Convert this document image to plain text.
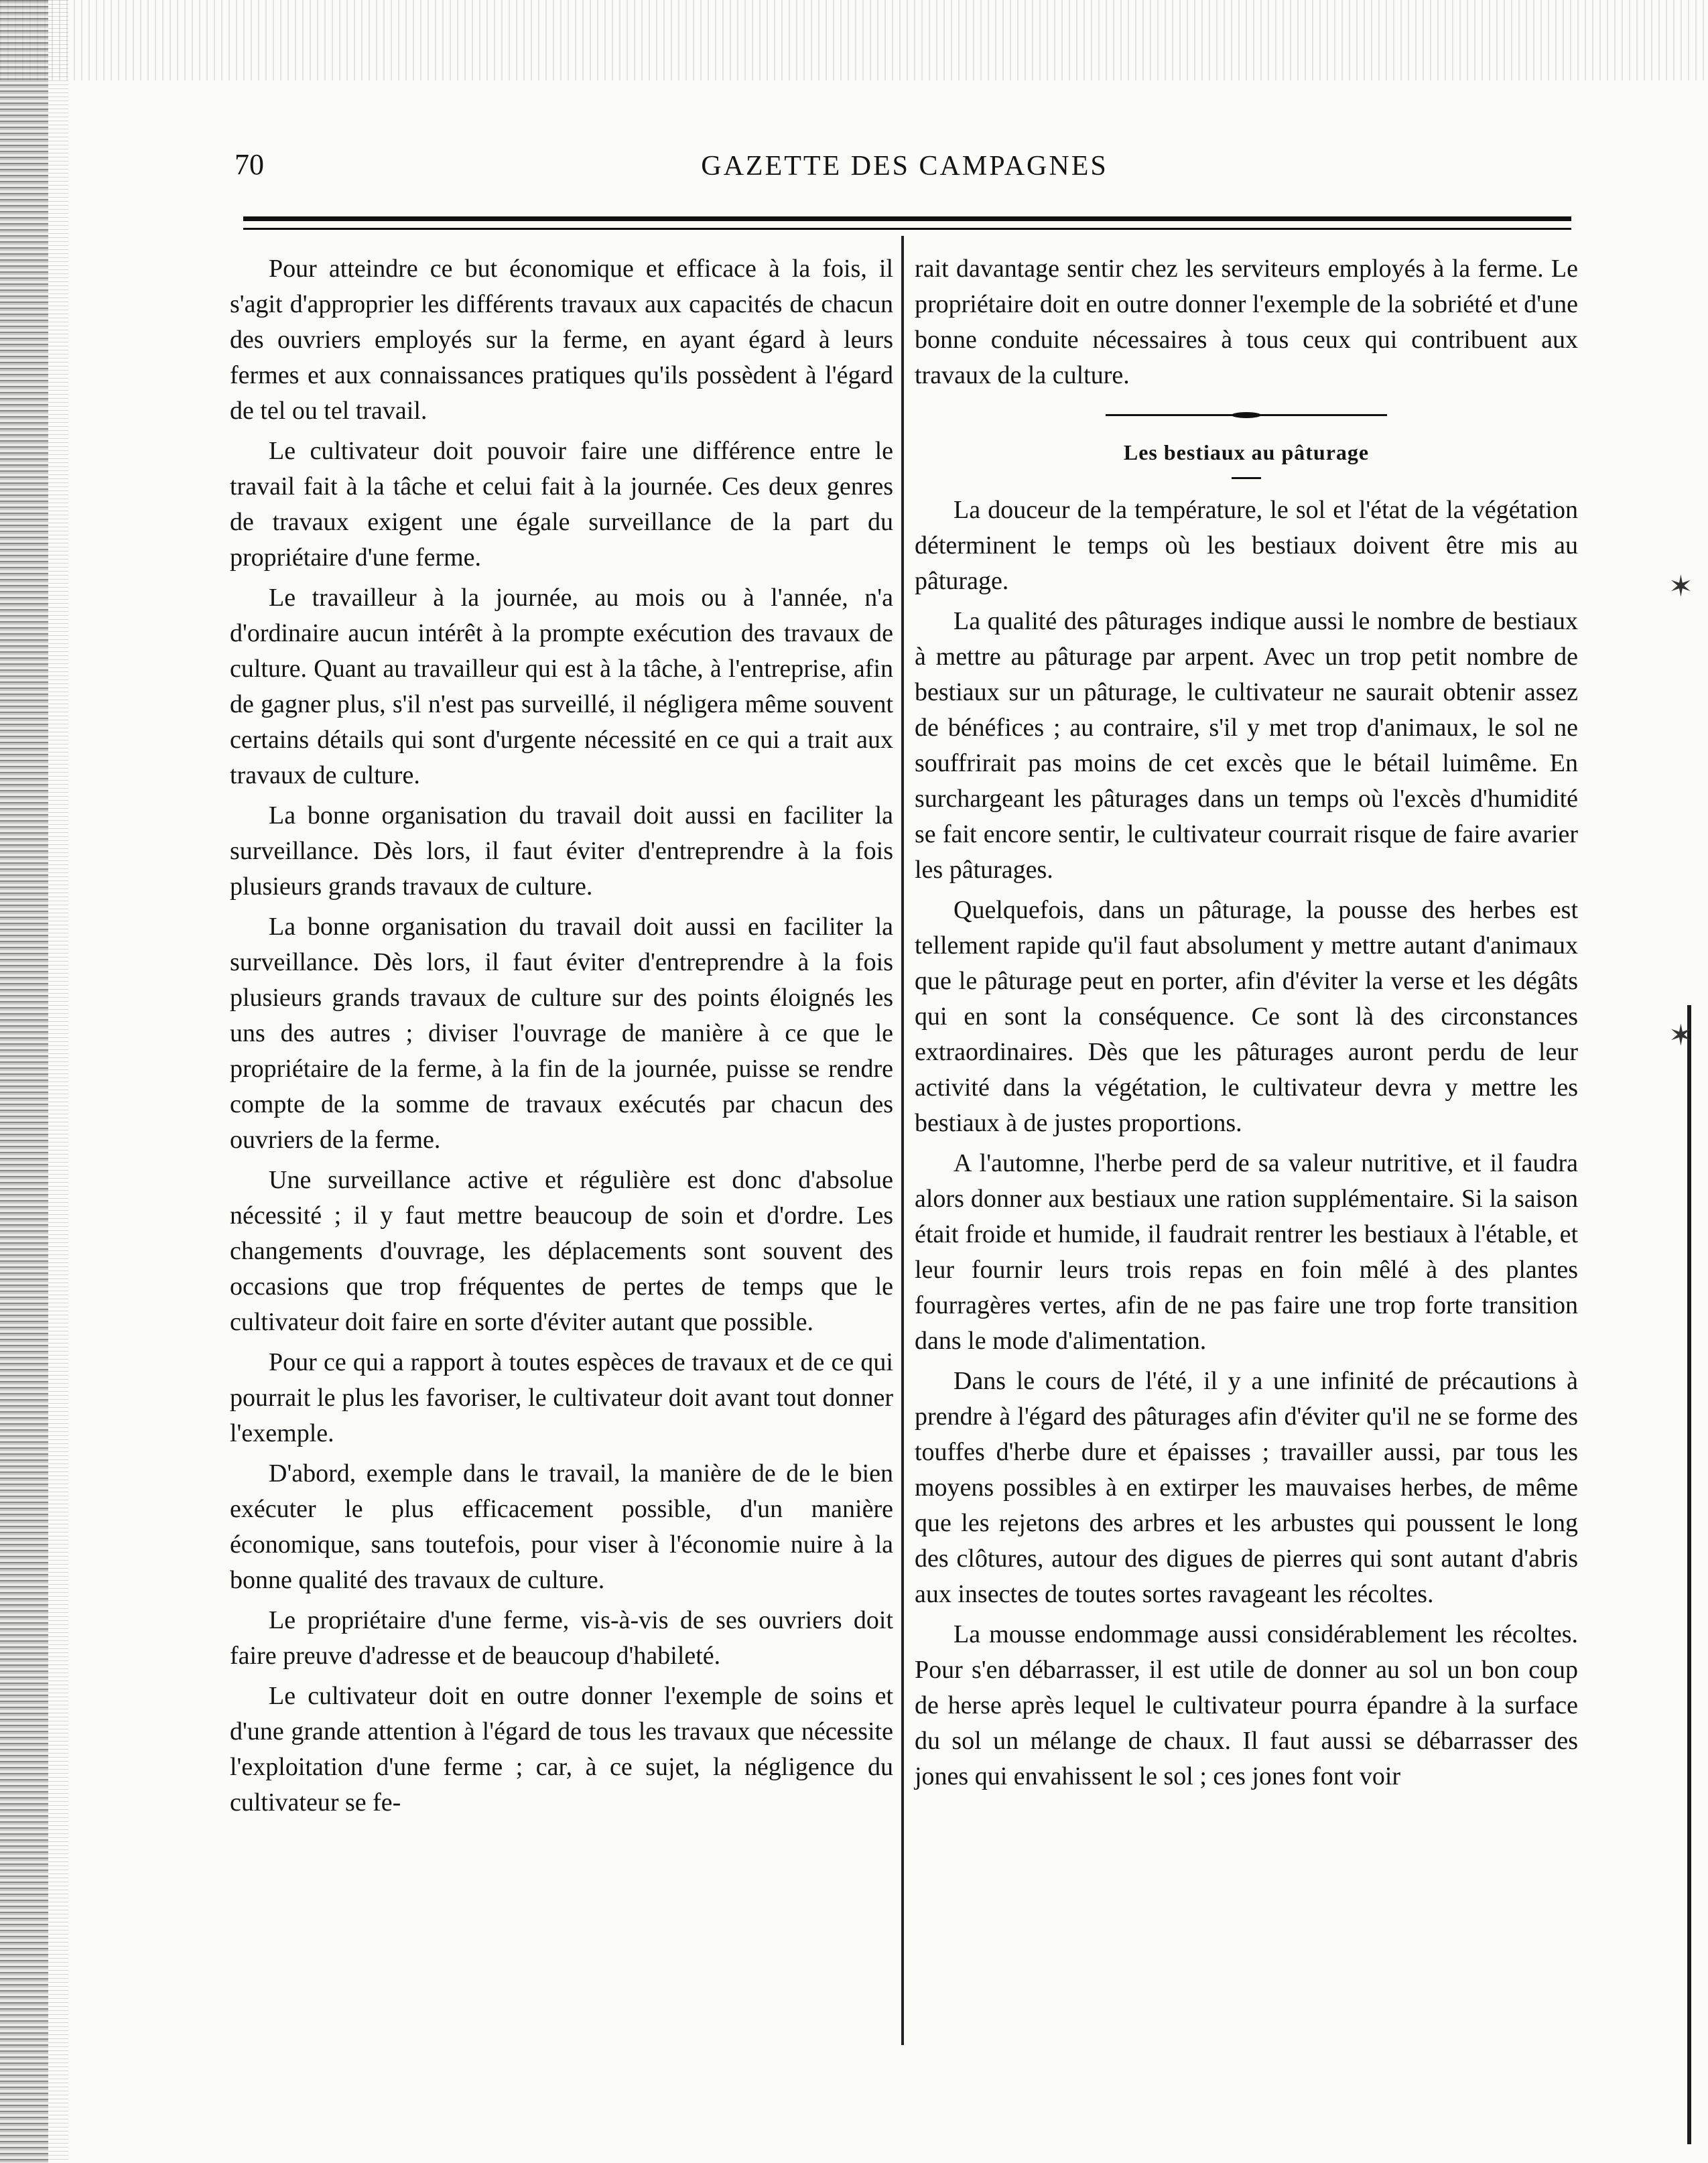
✶
✶
70	GAZETTE DES CAMPAGNES

Pour atteindre ce but économique et efficace à la fois, il s'agit d'approprier les différents travaux aux capacités de chacun des ouvriers employés sur la ferme, en ayant égard à leurs fermes et aux connaissances pratiques qu'ils possèdent à l'égard de tel ou tel travail.

Le cultivateur doit pouvoir faire une différence entre le travail fait à la tâche et celui fait à la journée. Ces deux genres de travaux exigent une égale surveillance de la part du propriétaire d'une ferme.

Le travailleur à la journée, au mois ou à l'année, n'a d'ordinaire aucun intérêt à la prompte exécution des travaux de culture. Quant au travailleur qui est à la tâche, à l'entreprise, afin de gagner plus, s'il n'est pas surveillé, il négligera même souvent certains détails qui sont d'urgente nécessité en ce qui a trait aux travaux de culture.

La bonne organisation du travail doit aussi en faciliter la surveillance. Dès lors, il faut éviter d'entreprendre à la fois plusieurs grands travaux de culture.

La bonne organisation du travail doit aussi en faciliter la surveillance. Dès lors, il faut éviter d'entreprendre à la fois plusieurs grands travaux de culture sur des points éloignés les uns des autres ; diviser l'ouvrage de manière à ce que le propriétaire de la ferme, à la fin de la journée, puisse se rendre compte de la somme de travaux exécutés par chacun des ouvriers de la ferme.

Une surveillance active et régulière est donc d'absolue nécessité ; il y faut mettre beaucoup de soin et d'ordre. Les changements d'ouvrage, les déplacements sont souvent des occasions que trop fréquentes de pertes de temps que le cultivateur doit faire en sorte d'éviter autant que possible.

Pour ce qui a rapport à toutes espèces de travaux et de ce qui pourrait le plus les favoriser, le cultivateur doit avant tout donner l'exemple.

D'abord, exemple dans le travail, la manière de de le bien exécuter le plus efficacement possible, d'un manière économique, sans toutefois, pour viser à l'économie nuire à la bonne qualité des travaux de culture.

Le propriétaire d'une ferme, vis-à-vis de ses ouvriers doit faire preuve d'adresse et de beaucoup d'habileté.

Le cultivateur doit en outre donner l'exemple de soins et d'une grande attention à l'égard de tous les travaux que nécessite l'exploitation d'une ferme ; car, à ce sujet, la négligence du cultivateur se fe-

rait davantage sentir chez les serviteurs employés à la ferme. Le propriétaire doit en outre donner l'exemple de la sobriété et d'une bonne conduite nécessaires à tous ceux qui contribuent aux travaux de la culture.

Les bestiaux au pâturage

La douceur de la température, le sol et l'état de la végétation déterminent le temps où les bestiaux doivent être mis au pâturage.

La qualité des pâturages indique aussi le nombre de bestiaux à mettre au pâturage par arpent. Avec un trop petit nombre de bestiaux sur un pâturage, le cultivateur ne saurait obtenir assez de bénéfices ; au contraire, s'il y met trop d'animaux, le sol ne souffrirait pas moins de cet excès que le bétail luimême. En surchargeant les pâturages dans un temps où l'excès d'humidité se fait encore sentir, le cultivateur courrait risque de faire avarier les pâturages.

Quelquefois, dans un pâturage, la pousse des herbes est tellement rapide qu'il faut absolument y mettre autant d'animaux que le pâturage peut en porter, afin d'éviter la verse et les dégâts qui en sont la conséquence. Ce sont là des circonstances extraordinaires. Dès que les pâturages auront perdu de leur activité dans la végétation, le cultivateur devra y mettre les bestiaux à de justes proportions.

A l'automne, l'herbe perd de sa valeur nutritive, et il faudra alors donner aux bestiaux une ration supplémentaire. Si la saison était froide et humide, il faudrait rentrer les bestiaux à l'étable, et leur fournir leurs trois repas en foin mêlé à des plantes fourragères vertes, afin de ne pas faire une trop forte transition dans le mode d'alimentation.

Dans le cours de l'été, il y a une infinité de précautions à prendre à l'égard des pâturages afin d'éviter qu'il ne se forme des touffes d'herbe dure et épaisses ; travailler aussi, par tous les moyens possibles à en extirper les mauvaises herbes, de même que les rejetons des arbres et les arbustes qui poussent le long des clôtures, autour des digues de pierres qui sont autant d'abris aux insectes de toutes sortes ravageant les récoltes.

La mousse endommage aussi considérablement les récoltes. Pour s'en débarrasser, il est utile de donner au sol un bon coup de herse après lequel le cultivateur pourra épandre à la surface du sol un mélange de chaux. Il faut aussi se débarrasser des jones qui envahissent le sol ; ces jones font voir
